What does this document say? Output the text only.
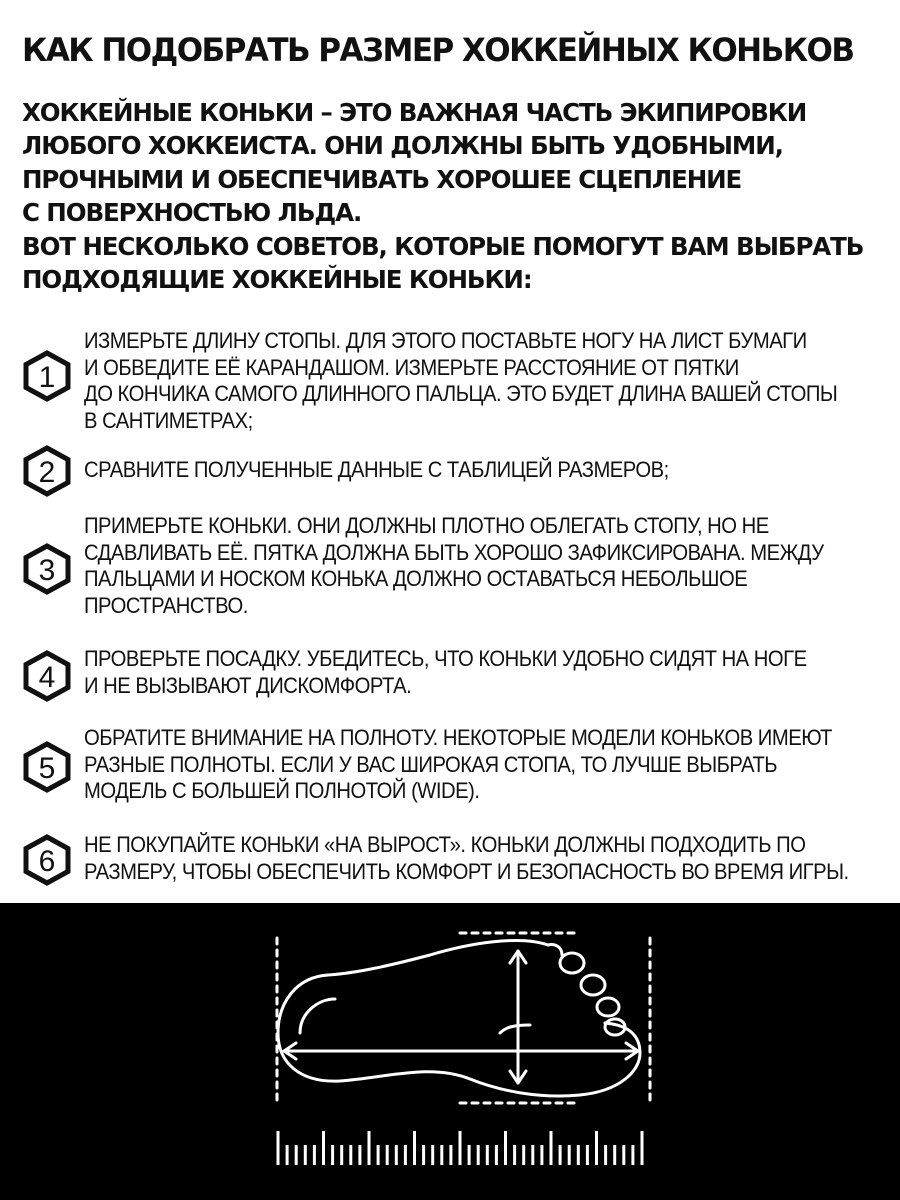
КАК ПОДОБРАТЬ РАЗМЕР ХОККЕЙНЫХ КОНЬКОВ
ХОККЕЙНЫЕ КОНЬКИ – ЭТО ВАЖНАЯ ЧАСТЬ ЭКИПИРОВКИ
ЛЮБОГО ХОККЕИСТА. ОНИ ДОЛЖНЫ БЫТЬ УДОБНЫМИ,
ПРОЧНЫМИ И ОБЕСПЕЧИВАТЬ ХОРОШЕЕ СЦЕПЛЕНИЕ
С ПОВЕРХНОСТЬЮ ЛЬДА.
ВОТ НЕСКОЛЬКО СОВЕТОВ, КОТОРЫЕ ПОМОГУТ ВАМ ВЫБРАТЬ
ПОДХОДЯЩИЕ ХОККЕЙНЫЕ КОНЬКИ:
1
ИЗМЕРЬТЕ ДЛИНУ СТОПЫ. ДЛЯ ЭТОГО ПОСТАВЬТЕ НОГУ НА ЛИСТ БУМАГИ
И ОБВЕДИТЕ ЕЁ КАРАНДАШОМ. ИЗМЕРЬТЕ РАССТОЯНИЕ ОТ ПЯТКИ
ДО КОНЧИКА САМОГО ДЛИННОГО ПАЛЬЦА. ЭТО БУДЕТ ДЛИНА ВАШЕЙ СТОПЫ
В САНТИМЕТРАХ;
2 СРАВНИТЕ ПОЛУЧЕННЫЕ ДАННЫЕ С ТАБЛИЦЕЙ РАЗМЕРОВ;
3
ПРИМЕРЬТЕ КОНЬКИ. ОНИ ДОЛЖНЫ ПЛОТНО ОБЛЕГАТЬ СТОПУ, НО НЕ
СДАВЛИВАТЬ ЕЁ. ПЯТКА ДОЛЖНА БЫТЬ ХОРОШО ЗАФИКСИРОВАНА. МЕЖДУ
ПАЛЬЦАМИ И НОСКОМ КОНЬКА ДОЛЖНО ОСТАВАТЬСЯ НЕБОЛЬШОЕ
ПРОСТРАНСТВО.
4
ПРОВЕРЬТЕ ПОСАДКУ. УБЕДИТЕСЬ, ЧТО КОНЬКИ УДОБНО СИДЯТ НА НОГЕ
И НЕ ВЫЗЫВАЮТ ДИСКОМФОРТА.
5
ОБРАТИТЕ ВНИМАНИЕ НА ПОЛНОТУ. НЕКОТОРЫЕ МОДЕЛИ КОНЬКОВ ИМЕЮТ
РАЗНЫЕ ПОЛНОТЫ. ЕСЛИ У ВАС ШИРОКАЯ СТОПА, ТО ЛУЧШЕ ВЫБРАТЬ
МОДЕЛЬ С БОЛЬШЕЙ ПОЛНОТОЙ (WIDE).
6
НЕ ПОКУПАЙТЕ КОНЬКИ «НА ВЫРОСТ». КОНЬКИ ДОЛЖНЫ ПОДХОДИТЬ ПО
РАЗМЕРУ, ЧТОБЫ ОБЕСПЕЧИТЬ КОМФОРТ И БЕЗОПАСНОСТЬ ВО ВРЕМЯ ИГРЫ.
